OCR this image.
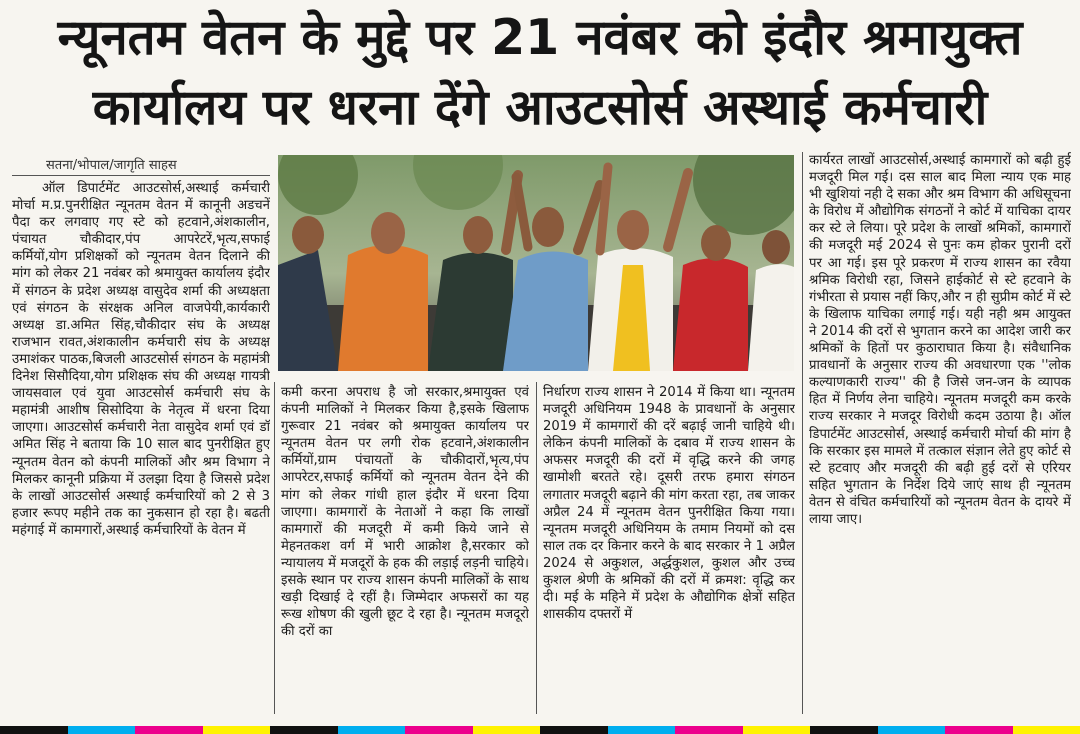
न्यूनतम वेतन के मुद्दे पर 21 नवंबर को इंदौर श्रमायुक्त
कार्यालय पर धरना देंगे आउटसोर्स अस्थाई कर्मचारी
सतना/भोपाल/जागृति साहस

ऑल डिपार्टमेंट आउटसोर्स,अस्थाई कर्मचारी मोर्चा म.प्र.पुनरीक्षित न्यूनतम वेतन में कानूनी अडचनें पैदा कर लगवाए गए स्टे को हटवाने,अंशकालीन, पंचायत चौकीदार,पंप आपरेटरें,भृत्य,सफाई कर्मियों,योग प्रशिक्षकों को न्यूनतम वेतन दिलाने की मांग को लेकर 21 नवंबर को श्रमायुक्त कार्यालय इंदौर में संगठन के प्रदेश अध्यक्ष वासुदेव शर्मा की अध्यक्षता एवं संगठन के संरक्षक अनिल वाजपेयी,कार्यकारी अध्यक्ष डा.अमित सिंह,चौकीदार संघ के अध्यक्ष राजभान रावत,अंशकालीन कर्मचारी संघ के अध्यक्ष उमाशंकर पाठक,बिजली आउटसोर्स संगठन के महामंत्री दिनेश सिसौदिया,योग प्रशिक्षक संघ की अध्यक्ष गायत्री जायसवाल एवं युवा आउटसोर्स कर्मचारी संघ के महामंत्री आशीष सिसोदिया के नेतृत्व में धरना दिया जाएगा। आउटसोर्स कर्मचारी नेता वासुदेव शर्मा एवं डॉ अमित सिंह ने बताया कि 10 साल बाद पुनरीक्षित हुए न्यूनतम वेतन को कंपनी मालिकों और श्रम विभाग ने मिलकर कानूनी प्रक्रिया में उलझा दिया है जिससे प्रदेश के लाखों आउटसोर्स अस्थाई कर्मचारियों को 2 से 3 हजार रूपए महीने तक का नुकसान हो रहा है। बढती महंगाई में कामगारों,अस्थाई कर्मचारियों के वेतन में

कमी करना अपराध है जो सरकार,श्रमायुक्त एवं कंपनी मालिकों ने मिलकर किया है,इसके खिलाफ गुरूवार 21 नवंबर को श्रमायुक्त कार्यालय पर न्यूनतम वेतन पर लगी रोक हटवाने,अंशकालीन कर्मियों,ग्राम पंचायतों के चौकीदारों,भृत्य,पंप आपरेटर,सफाई कर्मियों को न्यूनतम वेतन देने की मांग को लेकर गांधी हाल इंदौर में धरना दिया जाएगा। कामगारों के नेताओं ने कहा कि लाखों कामगारों की मजदूरी में कमी किये जाने से मेहनतकश वर्ग में भारी आक्रोश है,सरकार को न्यायालय में मजदूरों के हक की लड़ाई लड़नी चाहिये। इसके स्थान पर राज्य शासन कंपनी मालिकों के साथ खड़ी दिखाई दे रहीं है। जिम्मेदार अफसरों का यह रूख शोषण की खुली छूट दे रहा है। न्यूनतम मजदूरो की दरों का

निर्धारण राज्य शासन ने 2014 में किया था। न्यूनतम मजदूरी अधिनियम 1948 के प्रावधानों के अनुसार 2019 में कामगारों की दरें बढ़ाई जानी चाहिये थी। लेकिन कंपनी मालिकों के दबाव में राज्य शासन के अफसर मजदूरी की दरों में वृद्धि करने की जगह खामोशी बरतते रहे। दूसरी तरफ हमारा संगठन लगातार मजदूरी बढ़ाने की मांग करता रहा, तब जाकर अप्रैल 24 में न्यूनतम वेतन पुनरीक्षित किया गया। न्यूनतम मजदूरी अधिनियम के तमाम नियमों को दस साल तक दर किनार करने के बाद सरकार ने 1 अप्रैल 2024 से अकुशल, अर्द्धकुशल, कुशल और उच्च कुशल श्रेणी के श्रमिकों की दरों में क्रमश: वृद्धि कर दी। मई के महिने में प्रदेश के औद्योगिक क्षेत्रों सहित शासकीय दफ्तरों में

कार्यरत लाखों आउटसोर्स,अस्थाई कामगारों को बढ़ी हुई मजदूरी मिल गई। दस साल बाद मिला न्याय एक माह भी खुशियां नही दे सका और श्रम विभाग की अधिसूचना के विरोध में औद्योगिक संगठनों ने कोर्ट में याचिका दायर कर स्टे ले लिया। पूरे प्रदेश के लाखों श्रमिकों, कामगारों की मजदूरी मई 2024 से पुनः कम होकर पुरानी दरों पर आ गई। इस पूरे प्रकरण में राज्य शासन का रवैया श्रमिक विरोधी रहा, जिसने हाईकोर्ट से स्टे हटवाने के गंभीरता से प्रयास नहीं किए,और न ही सुप्रीम कोर्ट में स्टे के खिलाफ याचिका लगाई गई। यही नही श्रम आयुक्त ने 2014 की दरों से भुगतान करने का आदेश जारी कर श्रमिकों के हितों पर कुठाराघात किया है। संवैधानिक प्रावधानों के अनुसार राज्य की अवधारणा एक ''लोक कल्याणकारी राज्य'' की है जिसे जन-जन के व्यापक हित में निर्णय लेना चाहिये। न्यूनतम मजदूरी कम करके राज्य सरकार ने मजदूर विरोधी कदम उठाया है। ऑल डिपार्टमेंट आउटसोर्स, अस्थाई कर्मचारी मोर्चा की मांग है कि सरकार इस मामले में तत्काल संज्ञान लेते हुए कोर्ट से स्टे हटवाए और मजदूरी की बढ़ी हुई दरों से एरियर सहित भुगतान के निर्देश दिये जाएं साथ ही न्यूनतम वेतन से वंचित कर्मचारियों को न्यूनतम वेतन के दायरे में लाया जाए।
